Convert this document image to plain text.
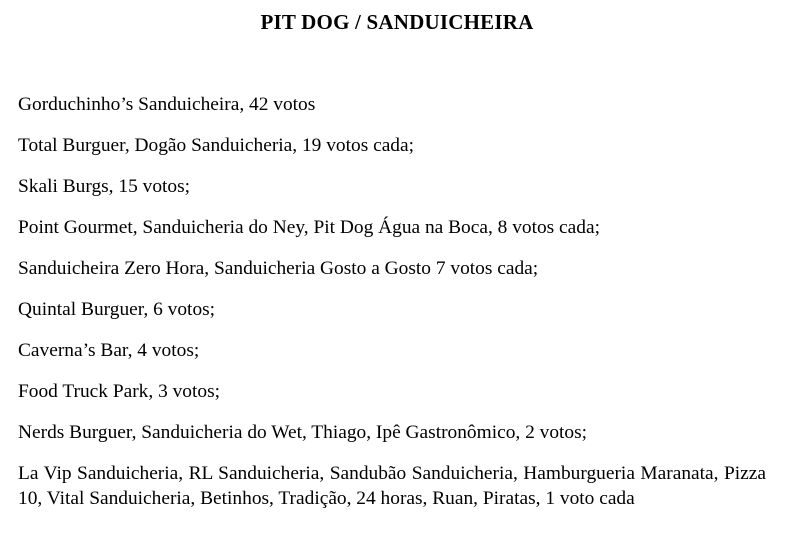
PIT DOG / SANDUICHEIRA
Gorduchinho’s Sanduicheira, 42 votos
Total Burguer, Dogão Sanduicheria, 19 votos cada;
Skali Burgs, 15 votos;
Point Gourmet, Sanduicheria do Ney, Pit Dog Água na Boca, 8 votos cada;
Sanduicheira Zero Hora, Sanduicheria Gosto a Gosto 7 votos cada;
Quintal Burguer, 6 votos;
Caverna’s Bar, 4 votos;
Food Truck Park, 3 votos;
Nerds Burguer, Sanduicheria do Wet, Thiago, Ipê Gastronômico, 2 votos;
La Vip Sanduicheria, RL Sanduicheria, Sandubão Sanduicheria, Hamburgueria Maranata, Pizza 10, Vital Sanduicheria, Betinhos, Tradição, 24 horas, Ruan, Piratas, 1 voto cada
